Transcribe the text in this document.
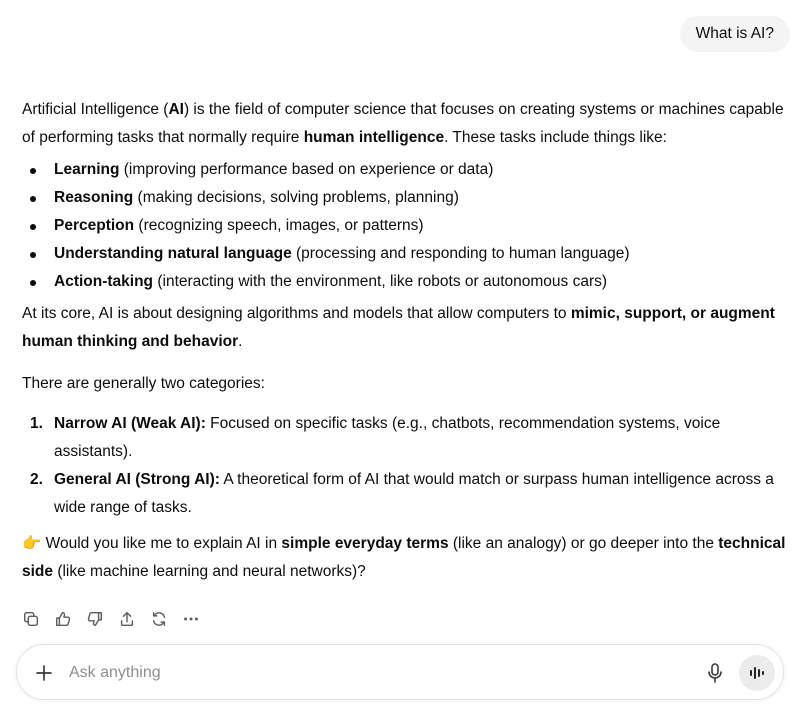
What is AI?

Artificial Intelligence (AI) is the field of computer science that focuses on creating systems or machines capable of performing tasks that normally require human intelligence. These tasks include things like:

Learning (improving performance based on experience or data)
Reasoning (making decisions, solving problems, planning)
Perception (recognizing speech, images, or patterns)
Understanding natural language (processing and responding to human language)
Action-taking (interacting with the environment, like robots or autonomous cars)

At its core, AI is about designing algorithms and models that allow computers to mimic, support, or augment human thinking and behavior.

There are generally two categories:

1. Narrow AI (Weak AI): Focused on specific tasks (e.g., chatbots, recommendation systems, voice assistants).
2. General AI (Strong AI): A theoretical form of AI that would match or surpass human intelligence across a wide range of tasks.

👉 Would you like me to explain AI in simple everyday terms (like an analogy) or go deeper into the technical side (like machine learning and neural networks)?

Ask anything
